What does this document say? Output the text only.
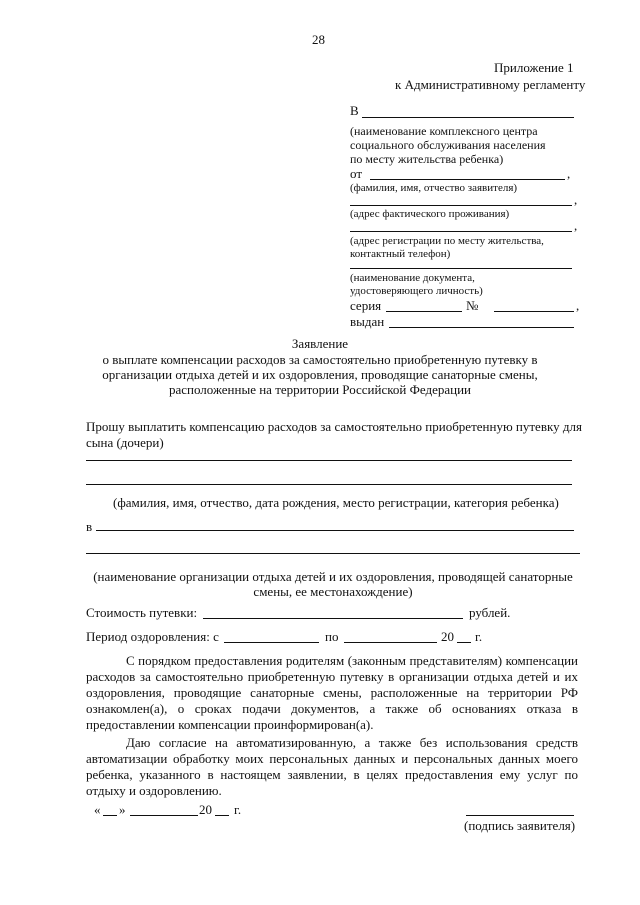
28
Приложение 1
к Административному регламенту
В
(наименование комплексного центра
социального обслуживания населения
по месту жительства ребенка)
от	,
(фамилия, имя, отчество заявителя)
,
(адрес фактического проживания)
,
(адрес регистрации по месту жительства,
контактный телефон)
(наименование документа,
удостоверяющего личность)
серия	№	,
выдан
Заявление
о выплате компенсации расходов за самостоятельно приобретенную путевку в
организации отдыха детей и их оздоровления, проводящие санаторные смены,
расположенные на территории Российской Федерации
Прошу выплатить компенсацию расходов за самостоятельно приобретенную путевку для
сына (дочери)
(фамилия, имя, отчество, дата рождения, место регистрации, категория ребенка)
в
(наименование организации отдыха детей и их оздоровления, проводящей санаторные
смены, ее местонахождение)
Стоимость путевки:	рублей.
Период оздоровления: с	по	20 г.
С порядком предоставления родителям (законным представителям) компенсации расходов за самостоятельно приобретенную путевку в организации отдыха детей и их оздоровления, проводящие санаторные смены, расположенные на территории РФ ознакомлен(а), о сроках подачи документов, а также об основаниях отказа в предоставлении компенсации проинформирован(а).
Даю согласие на автоматизированную, а также без использования средств автоматизации обработку моих персональных данных и персональных данных моего ребенка, указанного в настоящем заявлении, в целях предоставления ему услуг по отдыху и оздоровлению.
« »	20 г.
(подпись заявителя)
